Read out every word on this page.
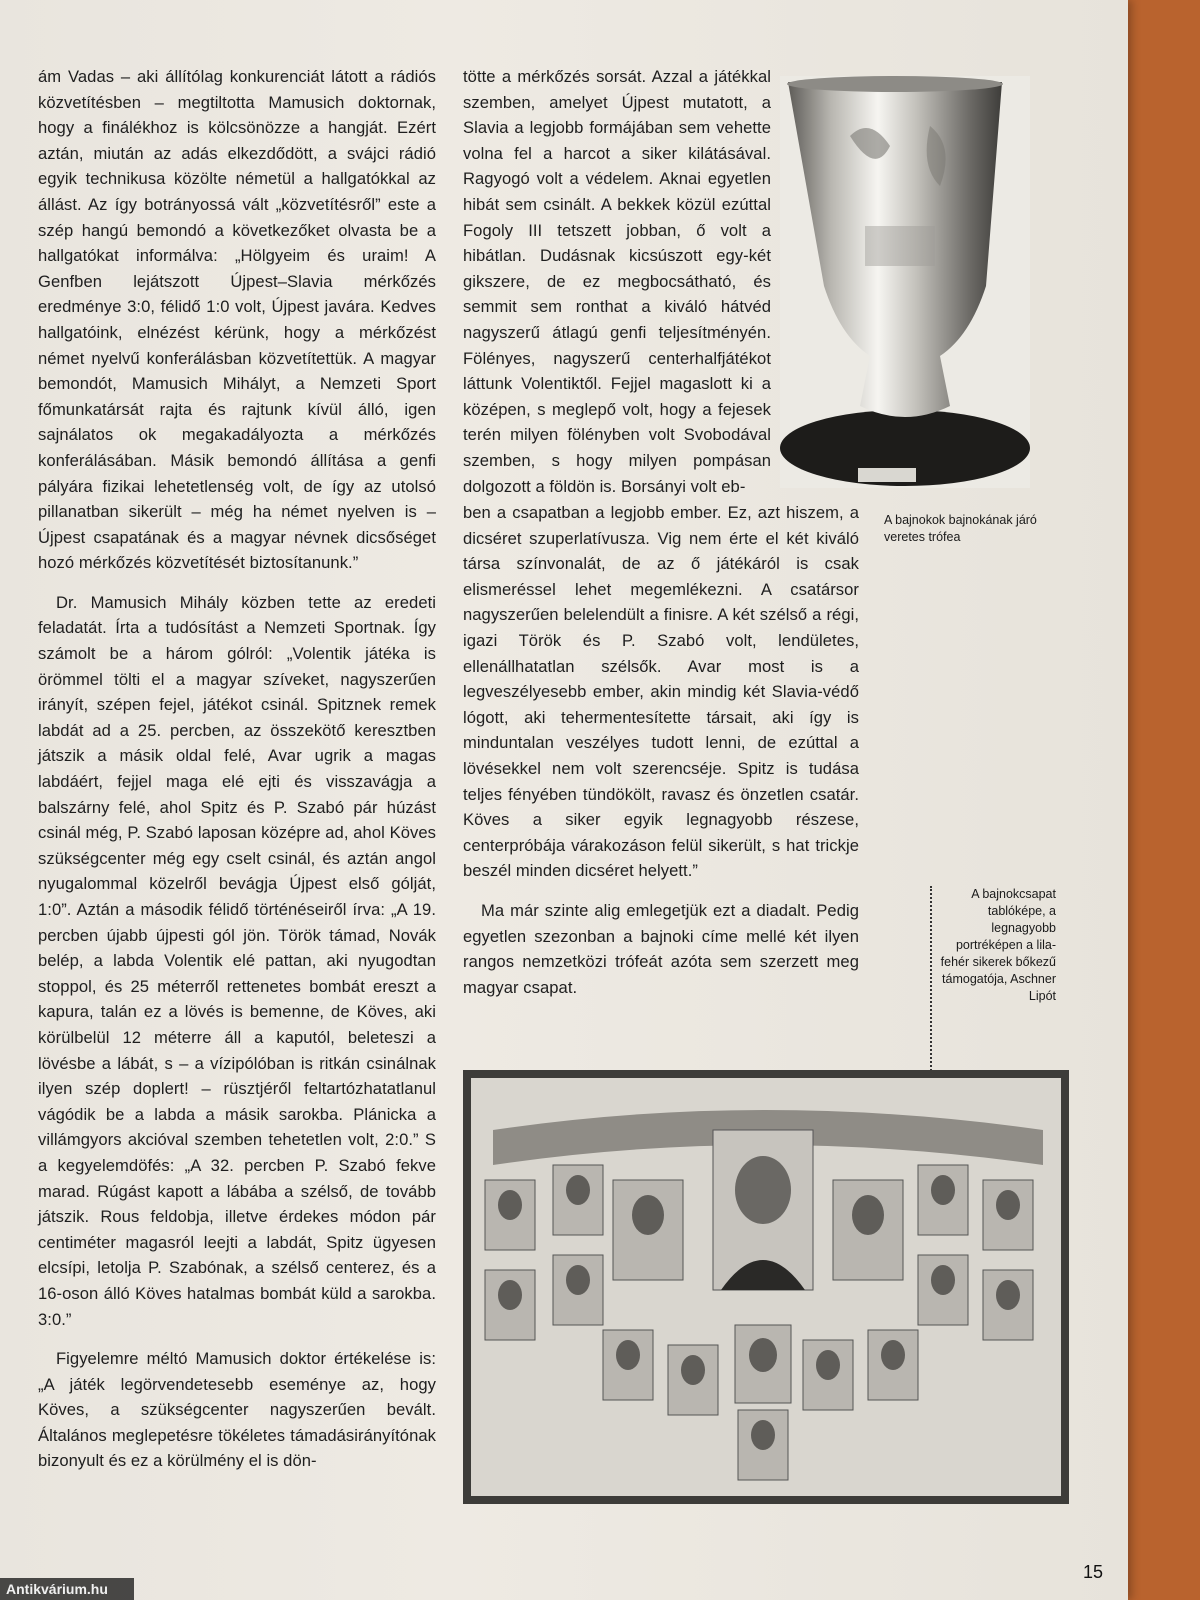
ám Vadas – aki állítólag konkurenciát látott a rádiós közvetítésben – megtiltotta Mamusich doktornak, hogy a finálékhoz is kölcsönözze a hangját. Ezért aztán, miután az adás elkezdődött, a svájci rádió egyik technikusa közölte németül a hallgatókkal az állást. Az így botrányossá vált „közvetítésről” este a szép hangú bemondó a következőket olvasta be a hallgatókat informálva: „Hölgyeim és uraim! A Genfben lejátszott Újpest–Slavia mérkőzés eredménye 3:0, félidő 1:0 volt, Újpest javára. Kedves hallgatóink, elnézést kérünk, hogy a mérkőzést német nyelvű konferálásban közvetítettük. A magyar bemondót, Mamusich Mihályt, a Nemzeti Sport főmunkatársát rajta és rajtunk kívül álló, igen sajnálatos ok megakadályozta a mérkőzés konferálásában. Másik bemondó állítása a genfi pályára fizikai lehetetlenség volt, de így az utolsó pillanatban sikerült – még ha német nyelven is – Újpest csapatának és a magyar névnek dicsőséget hozó mérkőzés közvetítését biztosítanunk.”

Dr. Mamusich Mihály közben tette az eredeti feladatát. Írta a tudósítást a Nemzeti Sportnak. Így számolt be a három gólról: „Volentik játéka is örömmel tölti el a magyar szíveket, nagyszerűen irányít, szépen fejel, játékot csinál. Spitznek remek labdát ad a 25. percben, az összekötő keresztben játszik a másik oldal felé, Avar ugrik a magas labdáért, fejjel maga elé ejti és visszavágja a balszárny felé, ahol Spitz és P. Szabó pár húzást csinál még, P. Szabó laposan középre ad, ahol Köves szükségcenter még egy cselt csinál, és aztán angol nyugalommal közelről bevágja Újpest első gólját, 1:0”. Aztán a második félidő történéseiről írva: „A 19. percben újabb újpesti gól jön. Török támad, Novák belép, a labda Volentik elé pattan, aki nyugodtan stoppol, és 25 méterről rettenetes bombát ereszt a kapura, talán ez a lövés is bemenne, de Köves, aki körülbelül 12 méterre áll a kaputól, beleteszi a lövésbe a lábát, s – a vízipólóban is ritkán csinálnak ilyen szép doplert! – rüsztjéről feltartózhatatlanul vágódik be a labda a másik sarokba. Plánicka a villámgyors akcióval szemben tehetetlen volt, 2:0.” S a kegyelemdöfés: „A 32. percben P. Szabó fekve marad. Rúgást kapott a lábába a szélső, de tovább játszik. Rous feldobja, illetve érdekes módon pár centiméter magasról leejti a labdát, Spitz ügyesen elcsípi, letolja P. Szabónak, a szélső centerez, és a 16-oson álló Köves hatalmas bombát küld a sarokba. 3:0.”

Figyelemre méltó Mamusich doktor értékelése is: „A játék legörvendetesebb eseménye az, hogy Köves, a szükségcenter nagyszerűen bevált. Általános meglepetésre tökéletes támadásirányítónak bizonyult és ez a körülmény el is dön-

tötte a mérkőzés sorsát. Azzal a játékkal szemben, amelyet Újpest mutatott, a Slavia a legjobb formájában sem vehette volna fel a harcot a siker kilátásával. Ragyogó volt a védelem. Aknai egyetlen hibát sem csinált. A bekkek közül ezúttal Fogoly III tetszett jobban, ő volt a hibátlan. Dudásnak kicsúszott egy-két gikszere, de ez megbocsátható, és semmit sem ronthat a kiváló hátvéd nagyszerű átlagú genfi teljesítményén. Fölényes, nagyszerű centerhalfjátékot láttunk Volentiktől. Fejjel magaslott ki a középen, s meglepő volt, hogy a fejesek terén milyen fölényben volt Svobodával szemben, s hogy milyen pompásan dolgozott a földön is. Borsányi volt eb-

ben a csapatban a legjobb ember. Ez, azt hiszem, a dicséret szuperlatívusza. Vig nem érte el két kiváló társa színvonalát, de az ő játékáról is csak elismeréssel lehet megemlékezni. A csatársor nagyszerűen belelendült a finisre. A két szélső a régi, igazi Török és P. Szabó volt, lendületes, ellenállhatatlan szélsők. Avar most is a legveszélyesebb ember, akin mindig két Slavia-védő lógott, aki tehermentesítette társait, aki így is minduntalan veszélyes tudott lenni, de ezúttal a lövésekkel nem volt szerencséje. Spitz is tudása teljes fényében tündökölt, ravasz és önzetlen csatár. Köves a siker egyik legnagyobb részese, centerpróbája várakozáson felül sikerült, s hat trickje beszél minden dicséret helyett.”

Ma már szinte alig emlegetjük ezt a diadalt. Pedig egyetlen szezonban a bajnoki címe mellé két ilyen rangos nemzetközi trófeát azóta sem szerzett meg magyar csapat.

A bajnokok bajnokának járó veretes trófea
A bajnokcsapat tablóképe, a legnagyobb portréképen a lila-fehér sikerek bőkezű támogatója, Aschner Lipót
15
Antikvárium.hu
